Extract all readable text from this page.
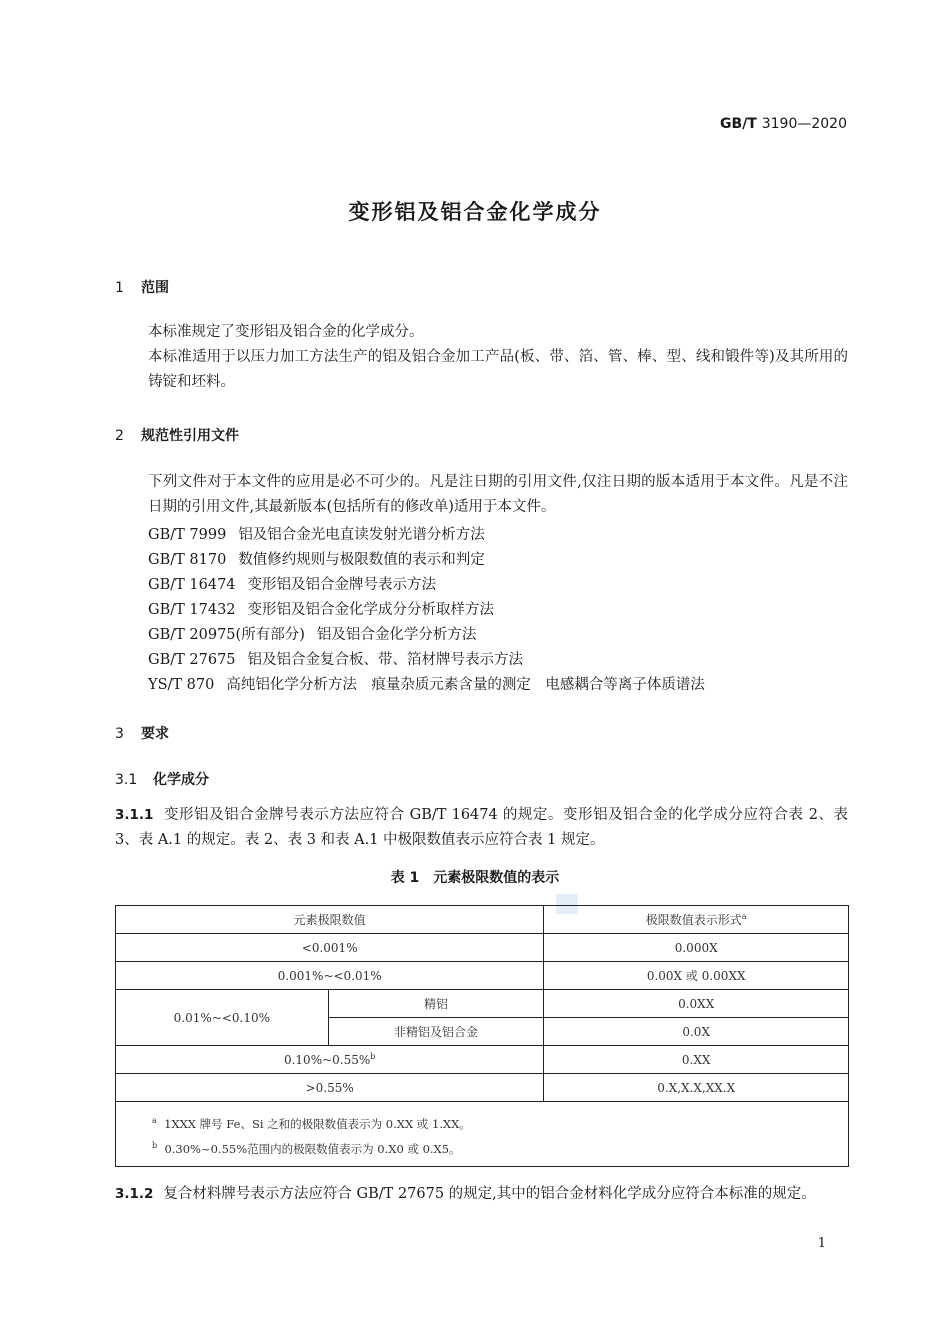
GB/T 3190—2020
变形铝及铝合金化学成分
1 范围
本标准规定了变形铝及铝合金的化学成分。
本标准适用于以压力加工方法生产的铝及铝合金加工产品(板、带、箔、管、棒、型、线和锻件等)及其所用的铸锭和坯料。
2 规范性引用文件
下列文件对于本文件的应用是必不可少的。凡是注日期的引用文件,仅注日期的版本适用于本文件。凡是不注日期的引用文件,其最新版本(包括所有的修改单)适用于本文件。
GB/T 7999 铝及铝合金光电直读发射光谱分析方法
GB/T 8170 数值修约规则与极限数值的表示和判定
GB/T 16474 变形铝及铝合金牌号表示方法
GB/T 17432 变形铝及铝合金化学成分分析取样方法
GB/T 20975(所有部分) 铝及铝合金化学分析方法
GB/T 27675 铝及铝合金复合板、带、箔材牌号表示方法
YS/T 870 高纯铝化学分析方法　痕量杂质元素含量的测定　电感耦合等离子体质谱法
3 要求
3.1 化学成分
3.1.1 变形铝及铝合金牌号表示方法应符合 GB/T 16474 的规定。变形铝及铝合金的化学成分应符合表 2、表 3、表 A.1 的规定。表 2、表 3 和表 A.1 中极限数值表示应符合表 1 规定。
表 1　元素极限数值的表示
元素极限数值		极限数值表示形式$^a$
<0.001%		0.000X
0.001%~<0.01%		0.00X 或 0.00XX
0.01%~<0.10%	精铝	0.0XX
	非精铝及铝合金	0.0X
0.10%~0.55%$^b$		0.XX
>0.55%		0.X,X.X,XX.X

$^a$ 1XXX 牌号 Fe、Si 之和的极限数值表示为 0.XX 或 1.XX。
$^b$ 0.30%~0.55%范围内的极限数值表示为 0.X0 或 0.X5。		
3.1.2 复合材料牌号表示方法应符合 GB/T 27675 的规定,其中的铝合金材料化学成分应符合本标准的规定。
1
